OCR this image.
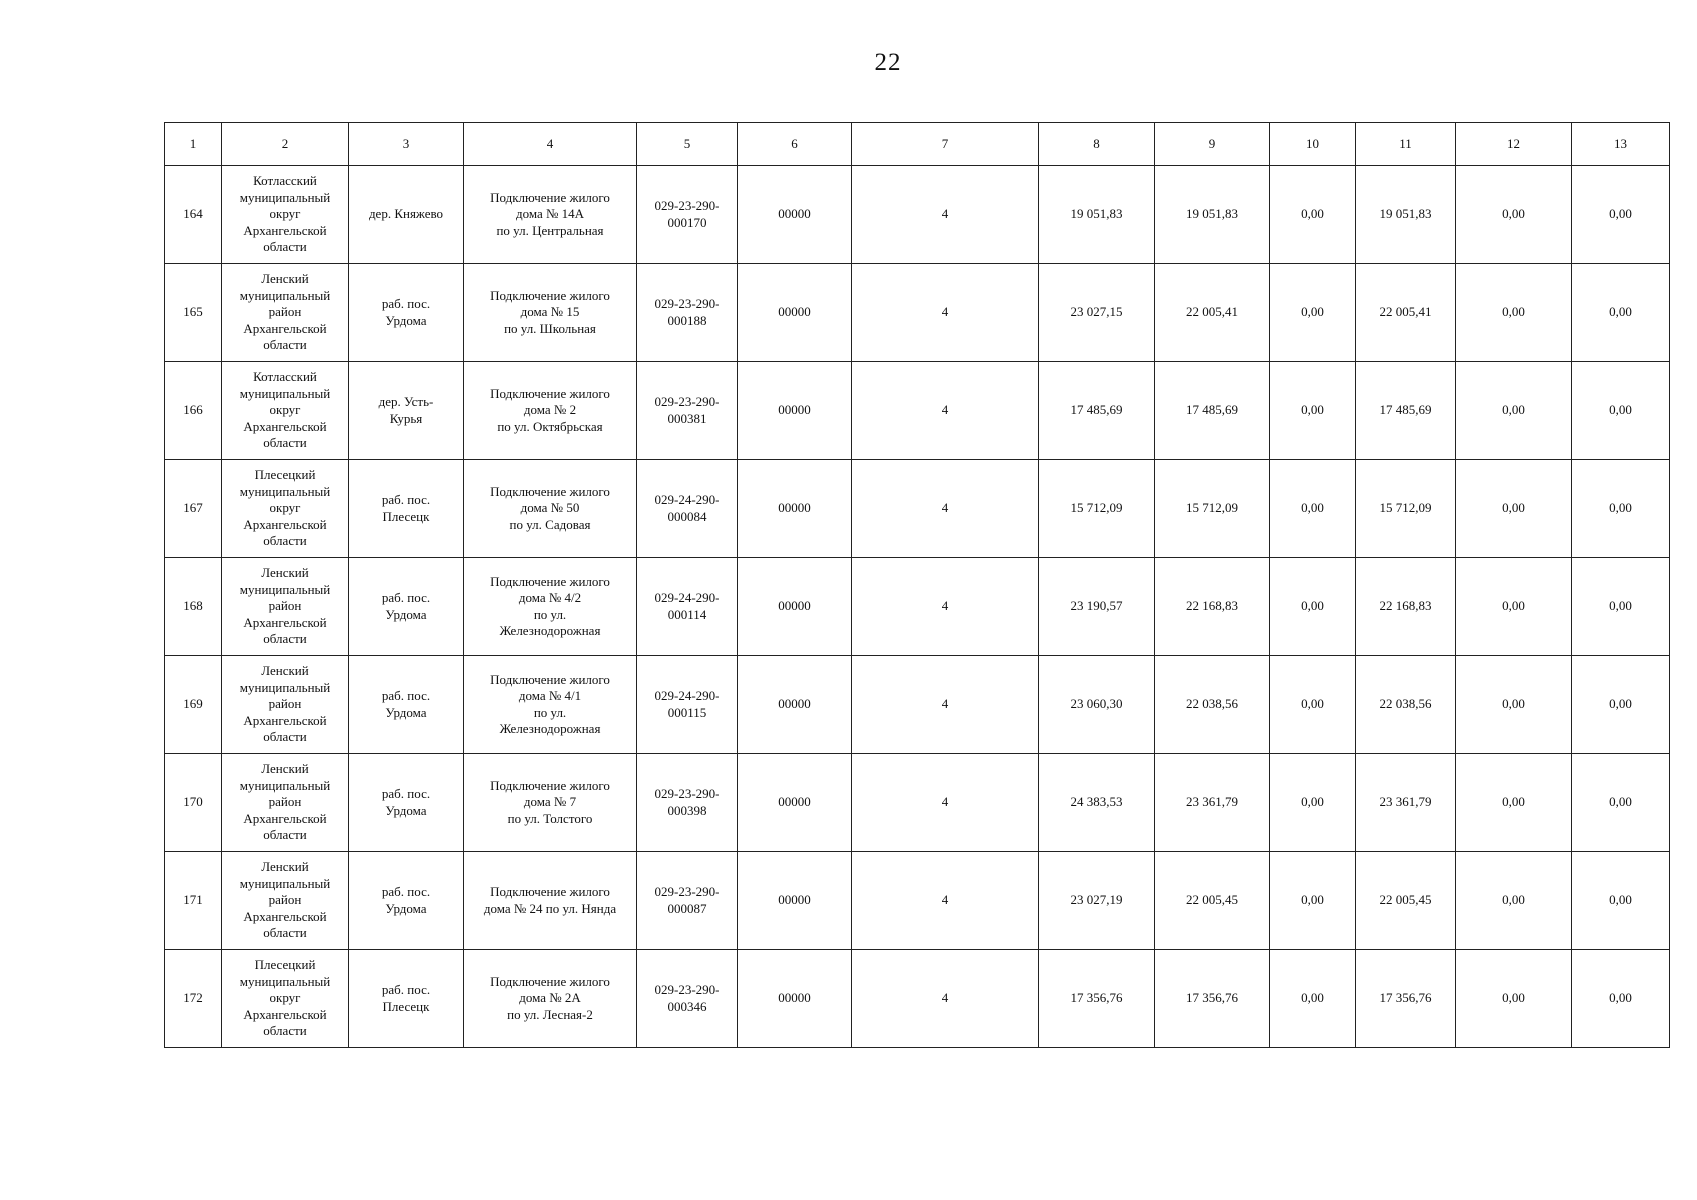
22
1	2	3	4	5	6	7	8	9	10	11	12	13

164	Котласский
муниципальный
округ
Архангельской
области	дер. Княжево	Подключение жилого
дома № 14А
по ул. Центральная	029-23-290-
000170	00000	4	19 051,83	19 051,83	0,00	19 051,83	0,00	0,00

165	Ленский
муниципальный
район
Архангельской
области	раб. пос.
Урдома	Подключение жилого
дома № 15
по ул. Школьная	029-23-290-
000188	00000	4	23 027,15	22 005,41	0,00	22 005,41	0,00	0,00

166	Котласский
муниципальный
округ
Архангельской
области	дер. Усть-
Курья	Подключение жилого
дома № 2
по ул. Октябрьская	029-23-290-
000381	00000	4	17 485,69	17 485,69	0,00	17 485,69	0,00	0,00

167	Плесецкий
муниципальный
округ
Архангельской
области	раб. пос.
Плесецк	Подключение жилого
дома № 50
по ул. Садовая	029-24-290-
000084	00000	4	15 712,09	15 712,09	0,00	15 712,09	0,00	0,00

168	Ленский
муниципальный
район
Архангельской
области	раб. пос.
Урдома	Подключение жилого
дома № 4/2
по ул.
Железнодорожная	029-24-290-
000114	00000	4	23 190,57	22 168,83	0,00	22 168,83	0,00	0,00

169	Ленский
муниципальный
район
Архангельской
области	раб. пос.
Урдома	Подключение жилого
дома № 4/1
по ул.
Железнодорожная	029-24-290-
000115	00000	4	23 060,30	22 038,56	0,00	22 038,56	0,00	0,00

170	Ленский
муниципальный
район
Архангельской
области	раб. пос.
Урдома	Подключение жилого
дома № 7
по ул. Толстого	029-23-290-
000398	00000	4	24 383,53	23 361,79	0,00	23 361,79	0,00	0,00

171	Ленский
муниципальный
район
Архангельской
области	раб. пос.
Урдома	Подключение жилого
дома № 24 по ул. Няндa	029-23-290-
000087	00000	4	23 027,19	22 005,45	0,00	22 005,45	0,00	0,00

172	Плесецкий
муниципальный
округ
Архангельской
области	раб. пос.
Плесецк	Подключение жилого
дома № 2А
по ул. Лесная-2	029-23-290-
000346	00000	4	17 356,76	17 356,76	0,00	17 356,76	0,00	0,00
